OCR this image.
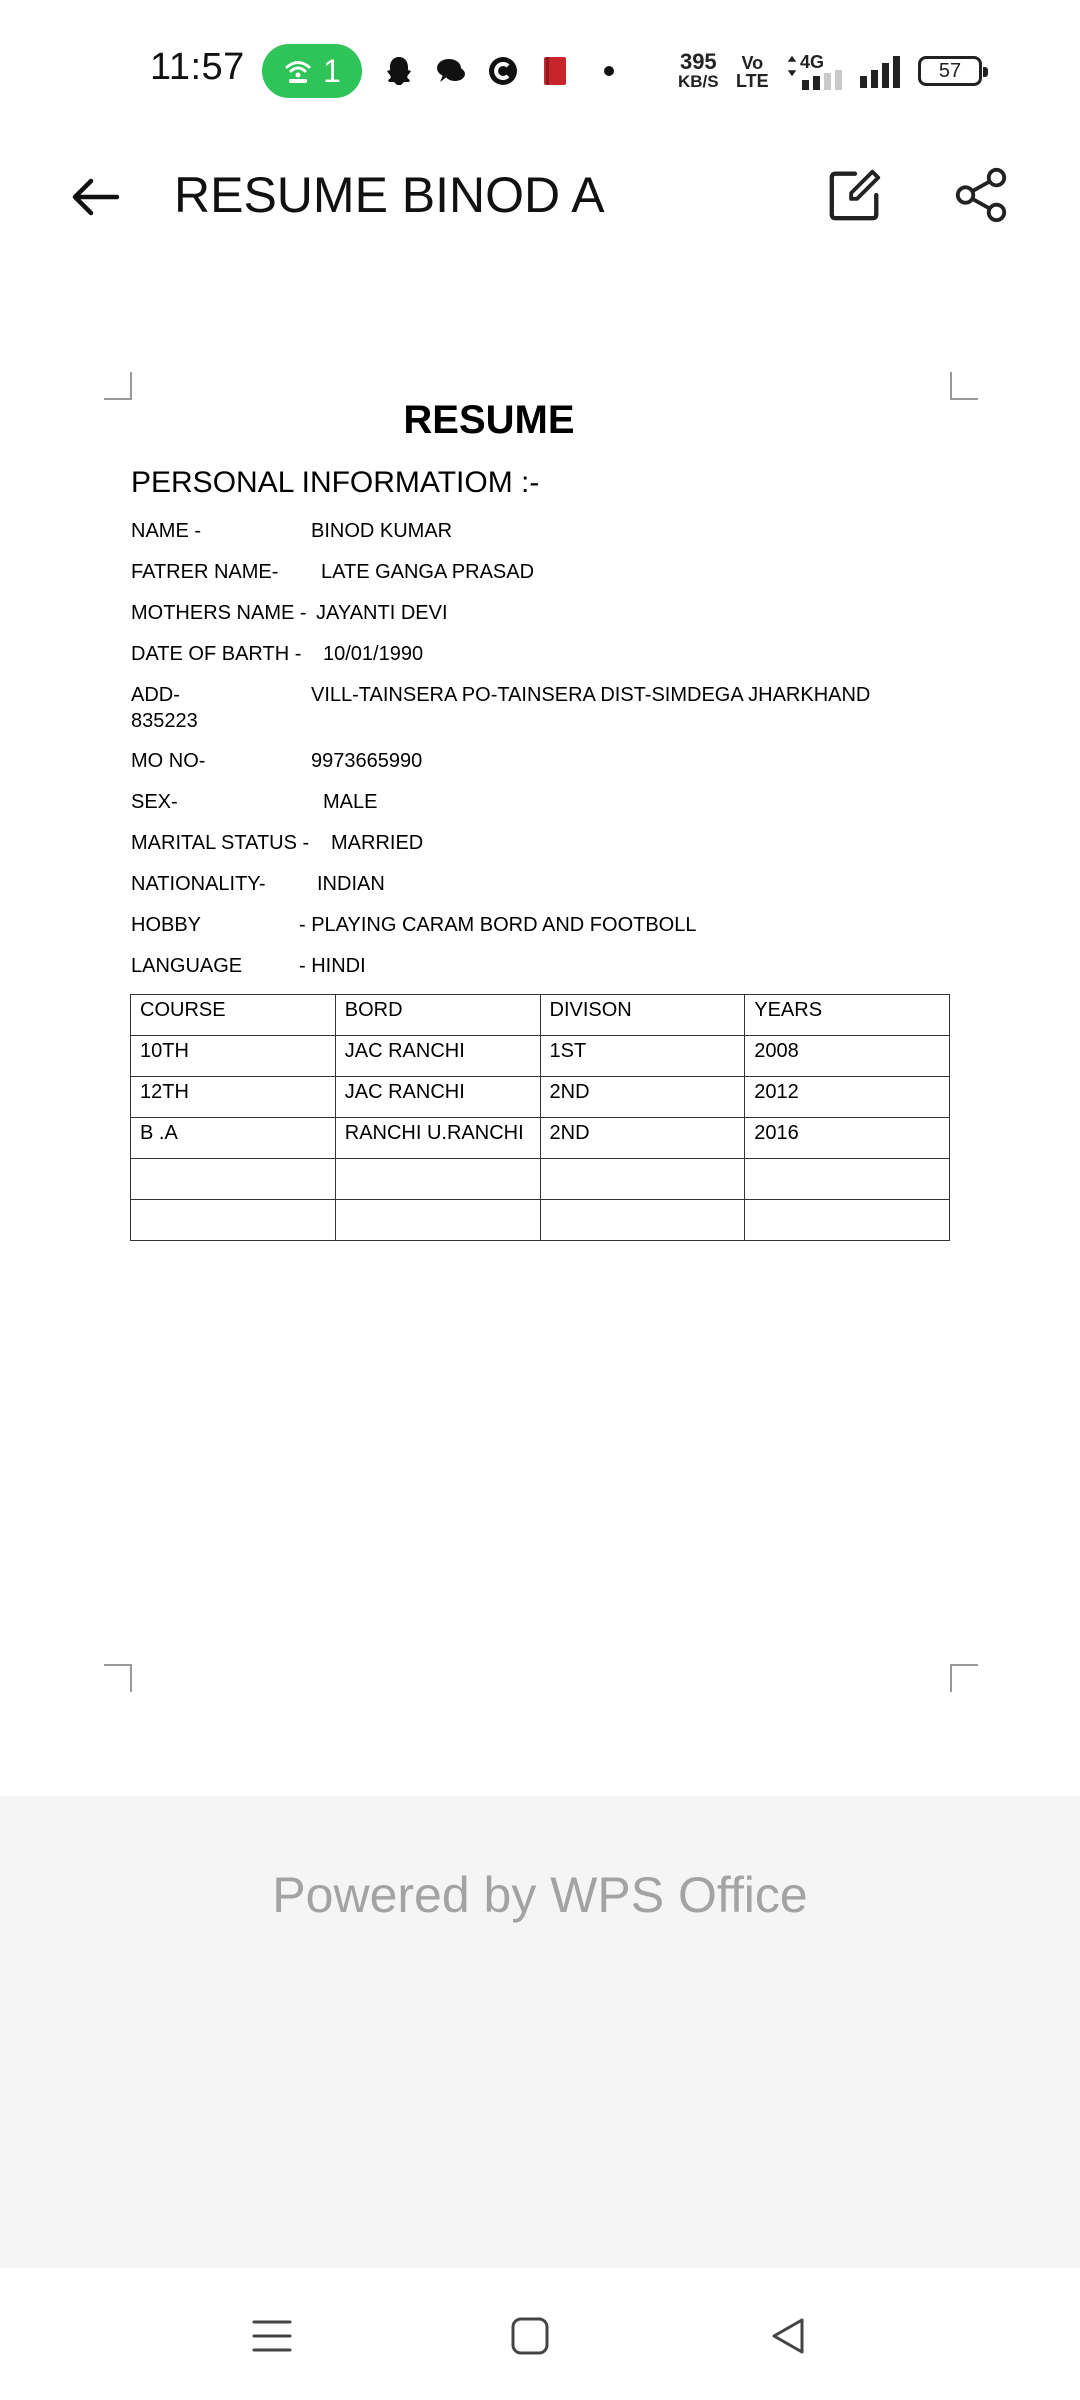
11:57 1	395
KB/S
Vo
LTE
4G	57
RESUME BINOD A
RESUME
PERSONAL INFORMATIOM :-
NAME -	BINOD KUMAR
FATRER NAME- LATE GANGA PRASAD
MOTHERS NAME - JAYANTI DEVI
DATE OF BARTH - 10/01/1990
ADD-	VILL-TAINSERA PO-TAINSERA DIST-SIMDEGA JHARKHAND
835223
MO NO-	9973665990
SEX-	MALE
MARITAL STATUS - MARRIED
NATIONALITY-	INDIAN
HOBBY	- PLAYING CARAM BORD AND FOOTBOLL
LANGUAGE	- HINDI
COURSE	BORD	DIVISON	YEARS
10TH	JAC RANCHI	1ST	2008
12TH	JAC RANCHI	2ND	2012
B .A	RANCHI U.RANCHI	2ND	2016

Powered by WPS Office
